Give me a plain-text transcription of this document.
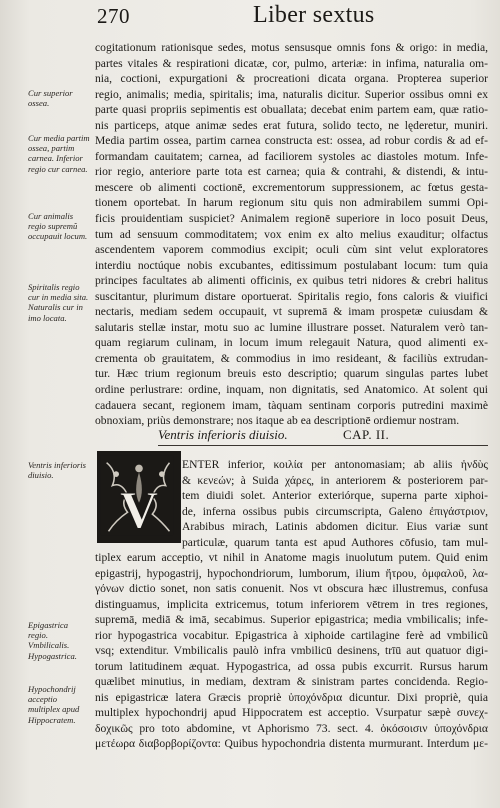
270	Liber sextus
cogitationum rationisque sedes, motus sensusque omnis fons & origo: in media,
partes vitales & respirationi dicatæ, cor, pulmo, arteriæ: in infima, naturalia om-
nia, coctioni, expurgationi & procreationi dicata organa. Propterea superior
regio, animalis; media, spiritalis; ima, naturalis dicitur. Superior ossibus omni ex
parte quasi propriis sepimentis est obuallata; decebat enim partem eam, quæ ratio-
nis particeps, atque animæ sedes erat futura, solido tecto, ne lęderetur, muniri.
Media partim ossea, partim carnea constructa est: ossea, ad robur cordis & ad ef-
formandam cauitatem; carnea, ad faciliorem systoles ac diastoles motum. Infe-
rior regio, anteriore parte tota est carnea; quia & contrahi, & distendi, & intu-
mescere ob alimenti coctionē, excrementorum suppressionem, ac fœtus gesta-
tionem oportebat. In harum regionum situ quis non admirabilem summi Opi-
ficis prouidentiam suspiciet? Animalem regionē superiore in loco posuit Deus,
tum ad sensuum commoditatem; vox enim ex alto melius exauditur; olfactus
ascendentem vaporem commodius excipit; oculi cùm sint velut exploratores
interdiu noctúque nobis excubantes, editissimum postulabant locum: tum quia
principes facultates ab alimenti officinis, ex quibus tetri nidores & crebri halitus
suscitantur, plurimum distare oportuerat. Spiritalis regio, fons caloris & viuifici
nectaris, mediam sedem occupauit, vt supremā & imam prospetæ cuiusdam &
salutaris stellæ instar, motu suo ac lumine illustrare posset. Naturalem verò tan-
quam regiarum culinam, in locum imum relegauit Natura, quod alimenti ex-
crementa ob grauitatem, & commodius in imo resideant, & faciliùs extrudan-
tur. Hæc trium regionum breuis esto descriptio; quarum singulas partes lubet
ordine perlustrare: ordine, inquam, non dignitatis, sed Anatomico. At solent qui
cadauera secant, regionem imam, tàquam sentinam corporis putredini maximè
obnoxiam, priùs demonstrare; nos itaque ab ea descriptionē ordiemur nostram.
Cur superior ossea.
Cur media partim ossea, partim carnea. Inferior regio cur carnea.
Cur animalis regio supremũ occupauit locum.
Spiritalis regio cur in media sita. Naturalis cur in imo locata.
Ventris inferioris diuisio.
Epigastrica regio. Vmbilicalis. Hypogastrica.
Hypochondrij acceptio multiplex apud Hippocratem.
Ventris inferioris diuisio.	CAP. II.
V
ENTER inferior, κοιλία per antonomasiam; ab aliis ἠνδὺς
& κενεών; à Suida χάρες, in anteriorem & posteriorem par-
tem diuidi solet. Anterior exteriórque, superna parte xiphoi-
de, inferna ossibus pubis circumscripta, Galeno ἐπιγάστριον,
Arabibus mirach, Latinis abdomen dicitur. Eius variæ sunt
particulæ, quarum tanta est apud Authores cōfusio, tam mul-
tiplex earum acceptio, vt nihil in Anatome magis inuolutum putem. Quid enim
epigastrij, hypogastrij, hypochondriorum, lumborum, ilium ἤτρου, ὀμφαλοῦ, λα-
γόνων dictio sonet, non satis conuenit. Nos vt obscura hæc illustremus, confusa
distinguamus, implicita extricemus, totum inferiorem vētrem in tres regiones,
supremā, mediā & imā, secabimus. Superior epigastrica; media vmbilicalis; infe-
rior hypogastrica vocabitur. Epigastrica à xiphoide cartilagine ferè ad vmbilicũ
vsq; extenditur. Vmbilicalis paulò infra vmbilicū desinens, trīū aut quatuor digi-
torum latitudinem æquat. Hypogastrica, ad ossa pubis excurrit. Rursus harum
quælibet minutius, in mediam, dextram & sinistram partes concidenda. Regio-
nis epigastricæ latera Græcis propriè ὑποχόνδρια dicuntur. Dixi propriè, quia
multiplex hypochondrij apud Hippocratem est acceptio. Vsurpatur sæpè συνεχ-
δοχικῶς pro toto abdomine, vt Aphorismo 73. sect. 4. ὁκόσοισιν ὑποχόνδρια
μετέωρα διαβορβορίζοντα: Quibus hypochondria distenta murmurant. Interdum με-
